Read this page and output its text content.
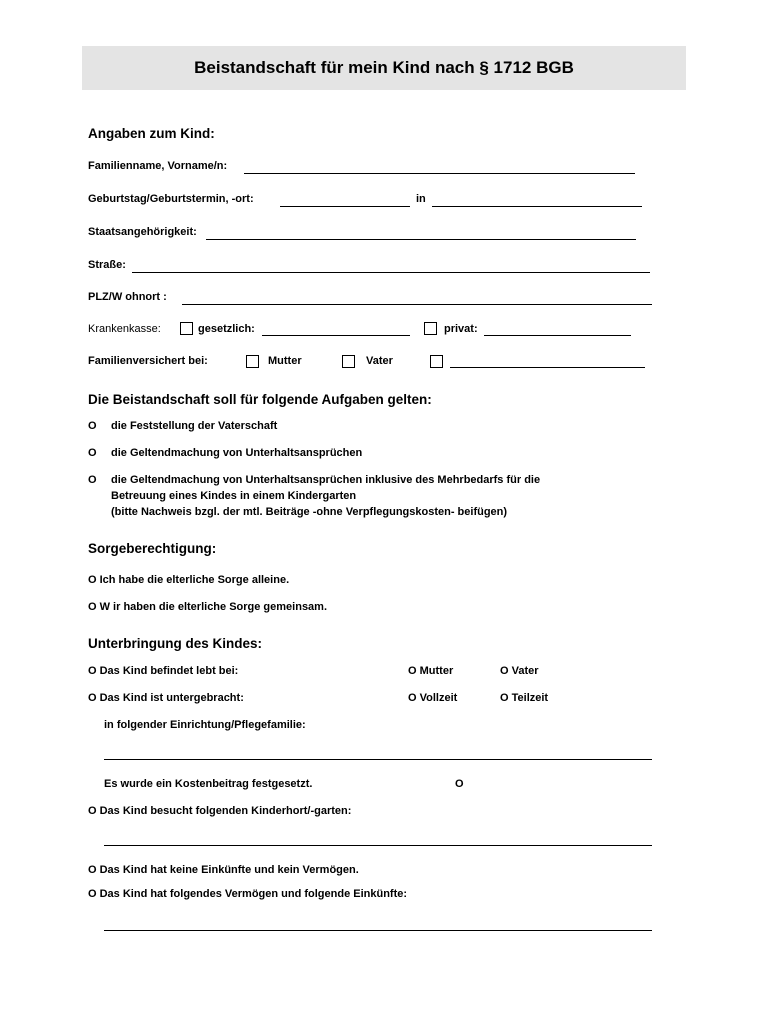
Beistandschaft für mein Kind nach § 1712 BGB
Angaben zum Kind:
Familienname, Vorname/n:
Geburtstag/Geburtstermin, -ort:	in
Staatsangehörigkeit:
Straße:
PLZ/W ohnort :
Krankenkasse:	gesetzlich:	privat:
Familienversichert bei:	Mutter	Vater
Die Beistandschaft soll für folgende Aufgaben gelten:
O die Feststellung der Vaterschaft
O die Geltendmachung von Unterhaltsansprüchen
O die Geltendmachung von Unterhaltsansprüchen inklusive des Mehrbedarfs für die
Betreuung eines Kindes in einem Kindergarten
(bitte Nachweis bzgl. der mtl. Beiträge -ohne Verpflegungskosten- beifügen)
Sorgeberechtigung:
O Ich habe die elterliche Sorge alleine.
O W ir haben die elterliche Sorge gemeinsam.
Unterbringung des Kindes:
O Das Kind befindet lebt bei:	O Mutter	O Vater
O Das Kind ist untergebracht:	O Vollzeit	O Teilzeit
in folgender Einrichtung/Pflegefamilie:
Es wurde ein Kostenbeitrag festgesetzt.	O
O Das Kind besucht folgenden Kinderhort/-garten:
O Das Kind hat keine Einkünfte und kein Vermögen.
O Das Kind hat folgendes Vermögen und folgende Einkünfte:
